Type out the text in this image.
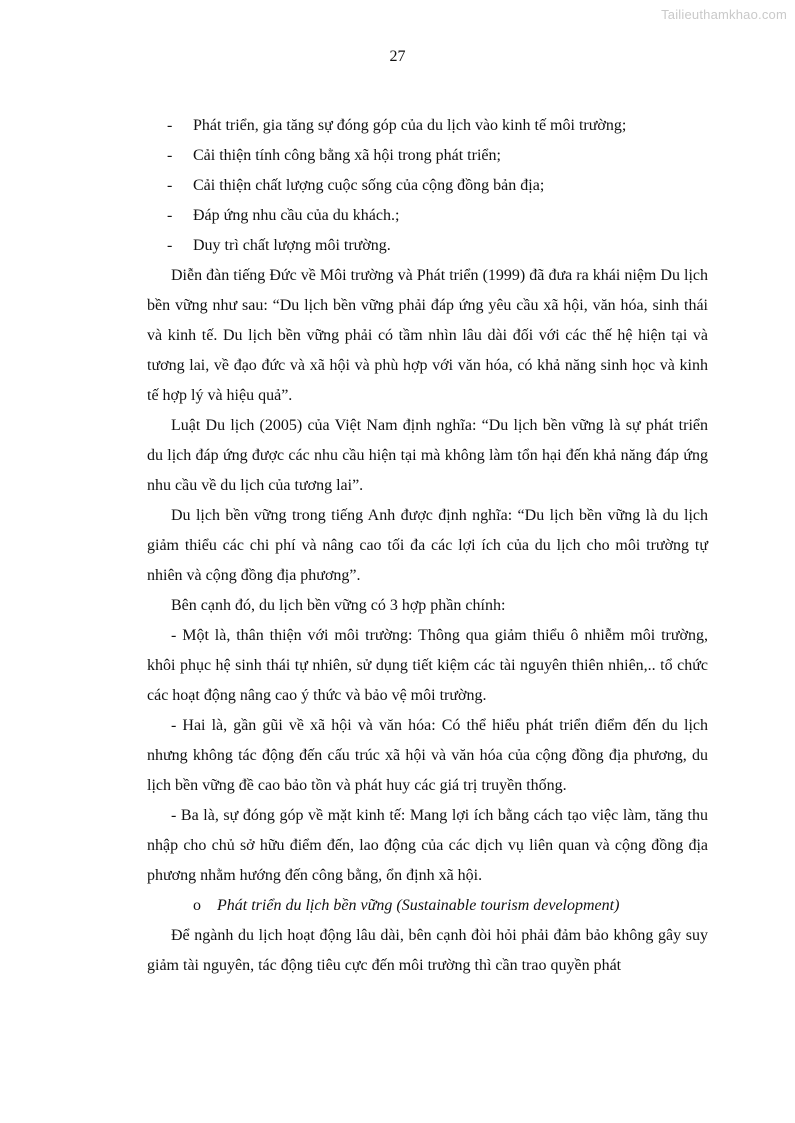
Tailieuthamkhao.com
27
- Phát triển, gia tăng sự đóng góp của du lịch vào kinh tế môi trường;
- Cải thiện tính công bằng xã hội trong phát triển;
- Cải thiện chất lượng cuộc sống của cộng đồng bản địa;
- Đáp ứng nhu cầu của du khách.;
- Duy trì chất lượng môi trường.

Diễn đàn tiếng Đức về Môi trường và Phát triển (1999) đã đưa ra khái niệm Du lịch bền vững như sau: “Du lịch bền vững phải đáp ứng yêu cầu xã hội, văn hóa, sinh thái và kinh tế. Du lịch bền vững phải có tầm nhìn lâu dài đối với các thế hệ hiện tại và tương lai, về đạo đức và xã hội và phù hợp với văn hóa, có khả năng sinh học và kinh tế hợp lý và hiệu quả”.

Luật Du lịch (2005) của Việt Nam định nghĩa: “Du lịch bền vững là sự phát triển du lịch đáp ứng được các nhu cầu hiện tại mà không làm tổn hại đến khả năng đáp ứng nhu cầu về du lịch của tương lai”.

Du lịch bền vững trong tiếng Anh được định nghĩa: “Du lịch bền vững là du lịch giảm thiểu các chi phí và nâng cao tối đa các lợi ích của du lịch cho môi trường tự nhiên và cộng đồng địa phương”.

Bên cạnh đó, du lịch bền vững có 3 hợp phần chính:

- Một là, thân thiện với môi trường: Thông qua giảm thiểu ô nhiễm môi trường, khôi phục hệ sinh thái tự nhiên, sử dụng tiết kiệm các tài nguyên thiên nhiên,.. tổ chức các hoạt động nâng cao ý thức và bảo vệ môi trường.

- Hai là, gần gũi về xã hội và văn hóa: Có thể hiểu phát triển điểm đến du lịch nhưng không tác động đến cấu trúc xã hội và văn hóa của cộng đồng địa phương, du lịch bền vững đề cao bảo tồn và phát huy các giá trị truyền thống.

- Ba là, sự đóng góp về mặt kinh tế: Mang lợi ích bằng cách tạo việc làm, tăng thu nhập cho chủ sở hữu điểm đến, lao động của các dịch vụ liên quan và cộng đồng địa phương nhằm hướng đến công bằng, ổn định xã hội.

o Phát triển du lịch bền vững (Sustainable tourism development)

Để ngành du lịch hoạt động lâu dài, bên cạnh đòi hỏi phải đảm bảo không gây suy giảm tài nguyên, tác động tiêu cực đến môi trường thì cần trao quyền phát
